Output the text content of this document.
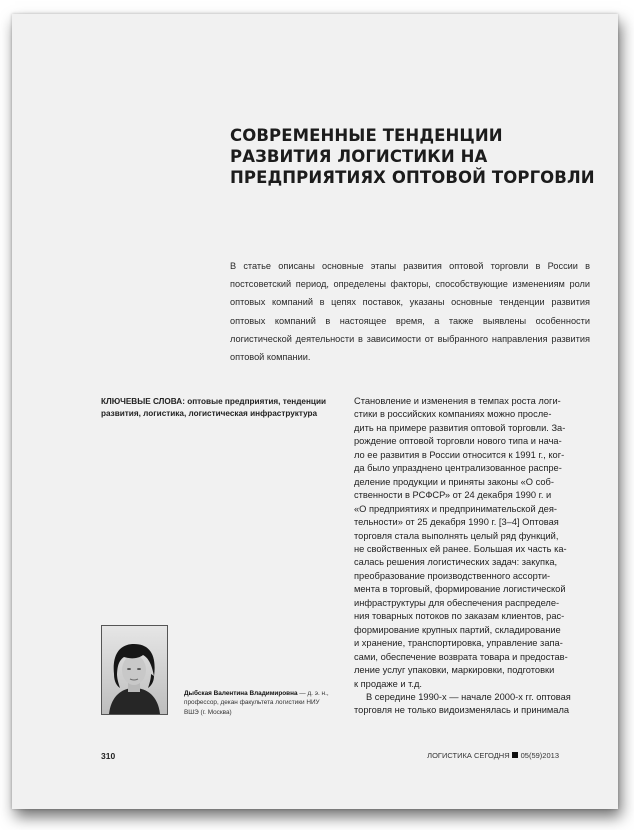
СОВРЕМЕННЫЕ ТЕНДЕНЦИИ РАЗВИТИЯ ЛОГИСТИКИ НА ПРЕДПРИЯТИЯХ ОПТОВОЙ ТОРГОВЛИ

В статье описаны основные этапы развития оптовой торговли в России в постсоветский период, определены факторы, способствующие изменениям роли оптовых компаний в цепях поставок, указаны основные тенденции развития оптовых компаний в настоящее время, а также выявлены особенности логистической деятельности в зависимости от выбранного направления развития оптовой компании.

КЛЮЧЕВЫЕ СЛОВА: оптовые предприятия, тенденции развития, логистика, логистическая инфраструктура

Становление и изменения в темпах роста логи-
стики в российских компаниях можно просле-
дить на примере развития оптовой торговли. За-
рождение оптовой торговли нового типа и нача-
ло ее развития в России относится к 1991 г., ког-
да было упразднено централизованное распре-
деление продукции и приняты законы «О соб-
ственности в РСФСР» от 24 декабря 1990 г. и
«О предприятиях и предпринимательской дея-
тельности» от 25 декабря 1990 г. [3–4] Оптовая
торговля стала выполнять целый ряд функций,
не свойственных ей ранее. Большая их часть ка-
салась решения логистических задач: закупка,
преобразование производственного ассорти-
мента в торговый, формирование логистической
инфраструктуры для обеспечения распределе-
ния товарных потоков по заказам клиентов, рас-
формирование крупных партий, складирование
и хранение, транспортировка, управление запа-
сами, обеспечение возврата товара и предостав-
ление услуг упаковки, маркировки, подготовки
к продаже и т.д.
В середине 1990-х — начале 2000-х гг. оптовая
торговля не только видоизменялась и принимала

Дыбская Валентина Владимировна — д. э. н., профессор, декан факультета логистики НИУ ВШЭ (г. Москва)

310	ЛОГИСТИКА СЕГОДНЯ 05(59)2013
